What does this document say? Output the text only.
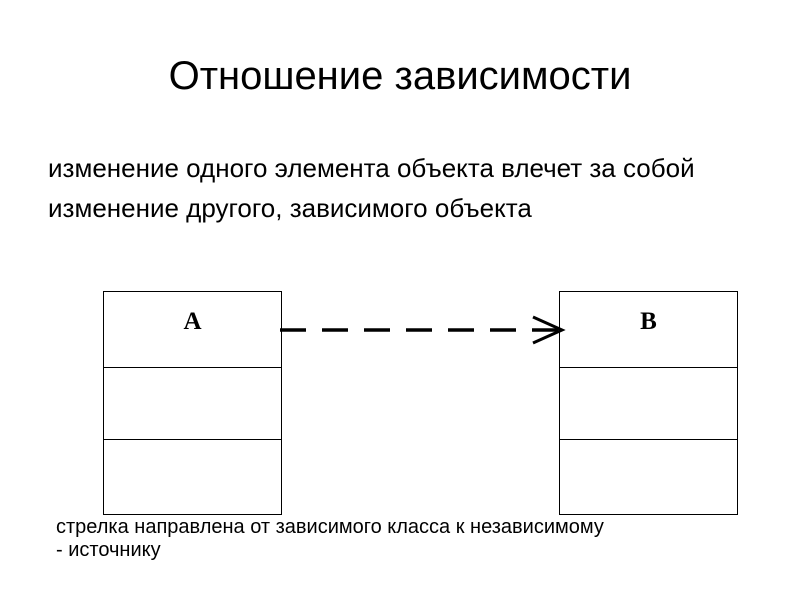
Отношение зависимости

изменение одного элемента объекта влечет за собой изменение другого, зависимого объекта

A	B

стрелка направлена от зависимого класса к независимому
- источнику
